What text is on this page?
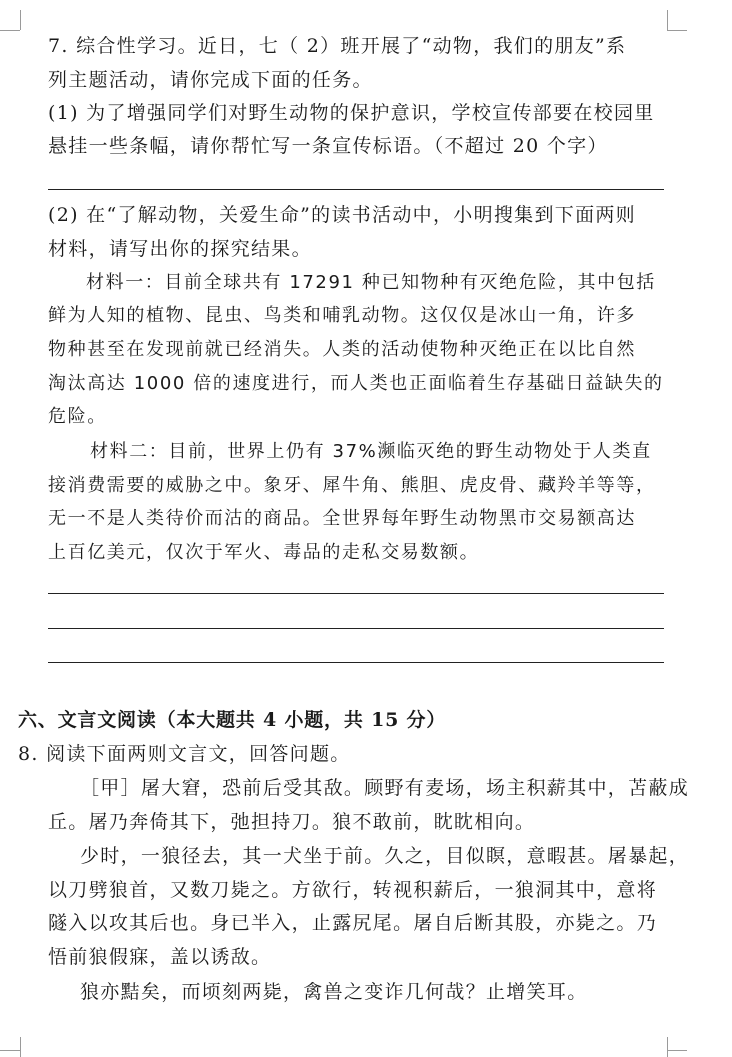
7. 综合性学习。近日，七（ 2）班开展了“动物，我们的朋友”系
列主题活动，请你完成下面的任务。
(1) 为了增强同学们对野生动物的保护意识，学校宣传部要在校园里
悬挂一些条幅，请你帮忙写一条宣传标语。（不超过 20 个字）
(2) 在“了解动物，关爱生命”的读书活动中，小明搜集到下面两则
材料，请写出你的探究结果。
材料一：目前全球共有 17291 种已知物种有灭绝危险，其中包括
鲜为人知的植物、昆虫、鸟类和哺乳动物。这仅仅是冰山一角，许多
物种甚至在发现前就已经消失。人类的活动使物种灭绝正在以比自然
淘汰高达 1000 倍的速度进行，而人类也正面临着生存基础日益缺失的
危险。
材料二：目前，世界上仍有 37%濒临灭绝的野生动物处于人类直
接消费需要的威胁之中。象牙、犀牛角、熊胆、虎皮骨、藏羚羊等等，
无一不是人类待价而沽的商品。全世界每年野生动物黑市交易额高达
上百亿美元，仅次于军火、毒品的走私交易数额。
六、文言文阅读（本大题共 4 小题，共 15 分）
8. 阅读下面两则文言文，回答问题。
［甲］屠大窘，恐前后受其敌。顾野有麦场，场主积薪其中，苫蔽成
丘。屠乃奔倚其下，弛担持刀。狼不敢前，眈眈相向。
少时，一狼径去，其一犬坐于前。久之，目似瞑，意暇甚。屠暴起，
以刀劈狼首，又数刀毙之。方欲行，转视积薪后，一狼洞其中，意将
隧入以攻其后也。身已半入，止露尻尾。屠自后断其股，亦毙之。乃
悟前狼假寐，盖以诱敌。
狼亦黠矣，而顷刻两毙，禽兽之变诈几何哉？止增笑耳。
